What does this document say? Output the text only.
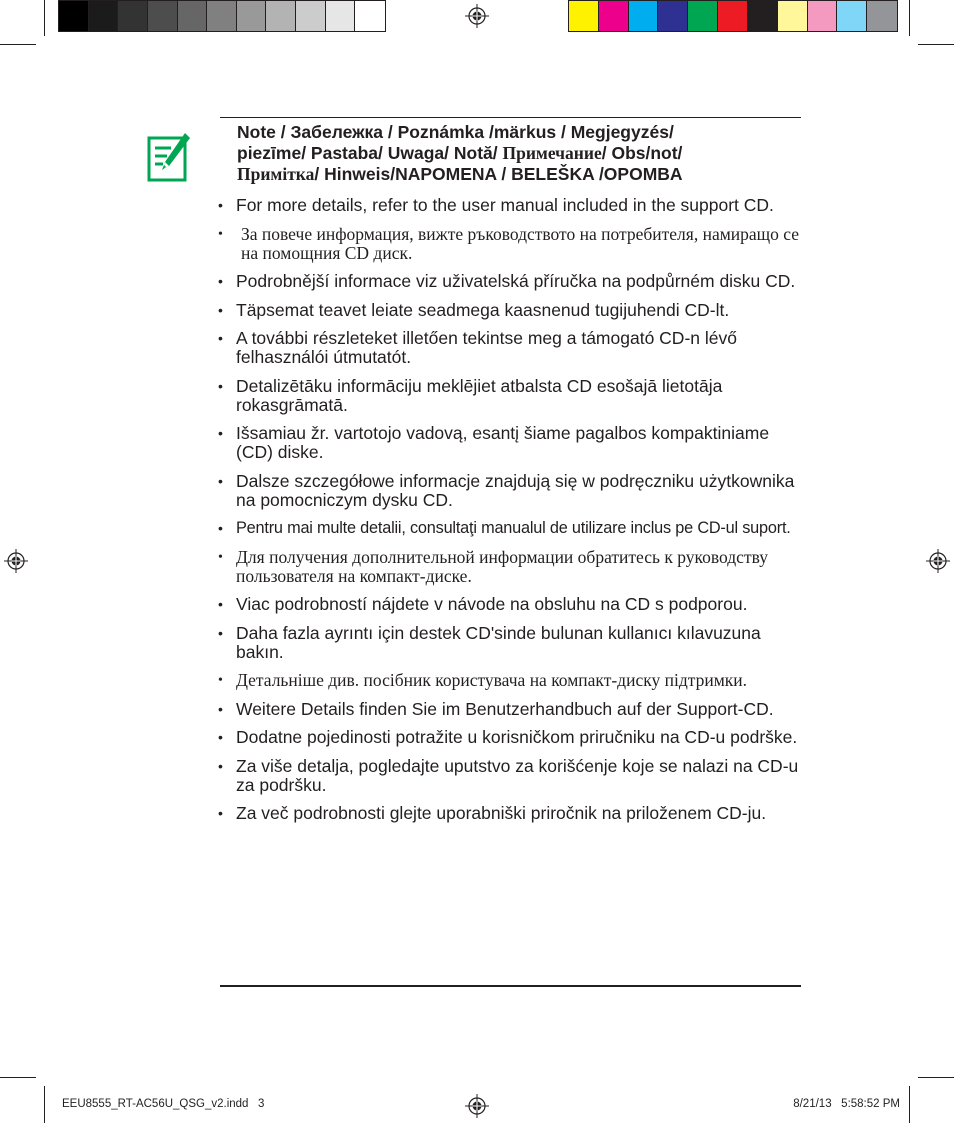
Note / Забележка / Poznámka /märkus / Megjegyzés/
piezīme/ Pastaba/ Uwaga/ Notă/ Примечание/ Obs/not/
Примітка/ Hinweis/NAPOMENA / BELEŠKA /OPOMBA
• For more details, refer to the user manual included in the support CD.
• За повече информация, вижте ръководството на потребителя, намиращо се на помощния CD диск.
• Podrobnější informace viz uživatelská příručka na podpůrném disku CD.
• Täpsemat teavet leiate seadmega kaasnenud tugijuhendi CD-lt.
• A további részleteket illetően tekintse meg a támogató CD-n lévő felhasználói útmutatót.
• Detalizētāku informāciju meklējiet atbalsta CD esošajā lietotāja rokasgrāmatā.
• Išsamiau žr. vartotojo vadovą, esantį šiame pagalbos kompaktiniame (CD) diske.
• Dalsze szczegółowe informacje znajdują się w podręczniku użytkownika na pomocniczym dysku CD.
• Pentru mai multe detalii, consultaţi manualul de utilizare inclus pe CD-ul suport.
• Для получения дополнительной информации обратитесь к руководству пользователя на компакт-диске.
• Viac podrobností nájdete v návode na obsluhu na CD s podporou.
• Daha fazla ayrıntı için destek CD'sinde bulunan kullanıcı kılavuzuna bakın.
• Детальніше див. посібник користувача на компакт-диску підтримки.
• Weitere Details finden Sie im Benutzerhandbuch auf der Support-CD.
• Dodatne pojedinosti potražite u korisničkom priručniku na CD-u podrške.
• Za više detalja, pogledajte uputstvo za korišćenje koje se nalazi na CD-u za podršku.
• Za več podrobnosti glejte uporabniški priročnik na priloženem CD-ju.
EEU8555_RT-AC56U_QSG_v2.indd   3	8/21/13   5:58:52 PM
